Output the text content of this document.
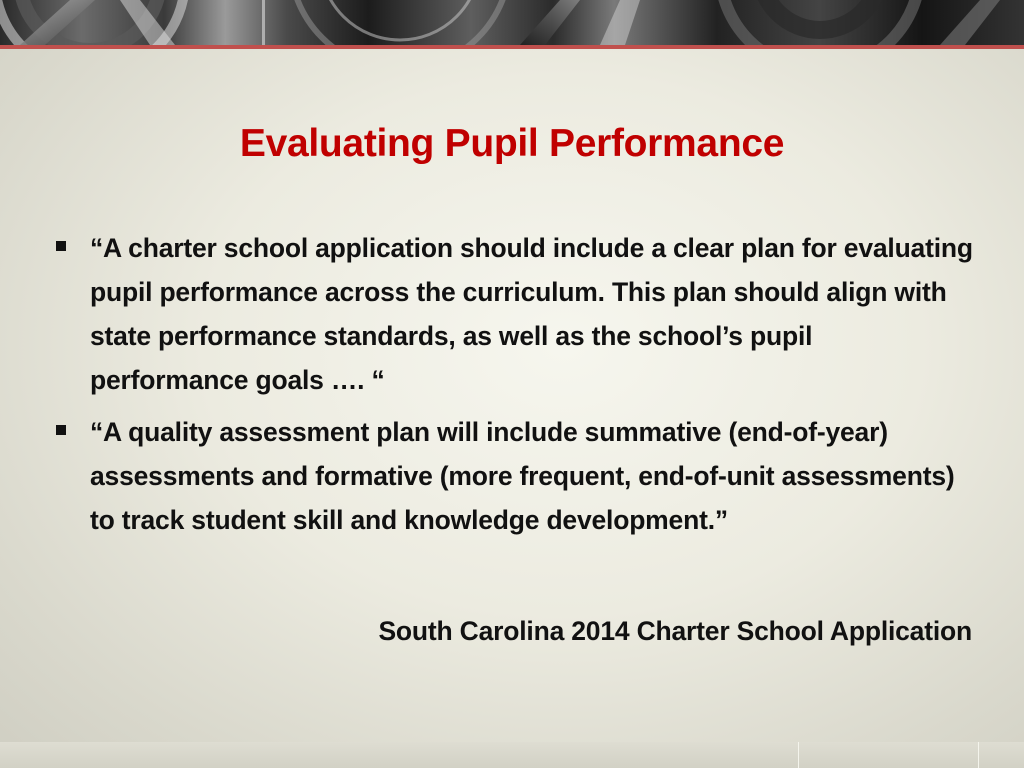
Evaluating Pupil Performance
“A charter school application should include a clear plan for evaluating pupil performance across the curriculum. This plan should align with state performance standards, as well as the school’s pupil performance goals …. “
“A quality assessment plan will include summative (end-of-year) assessments and formative (more frequent, end-of-unit assessments) to track student skill and knowledge development.”
South Carolina 2014 Charter School Application
